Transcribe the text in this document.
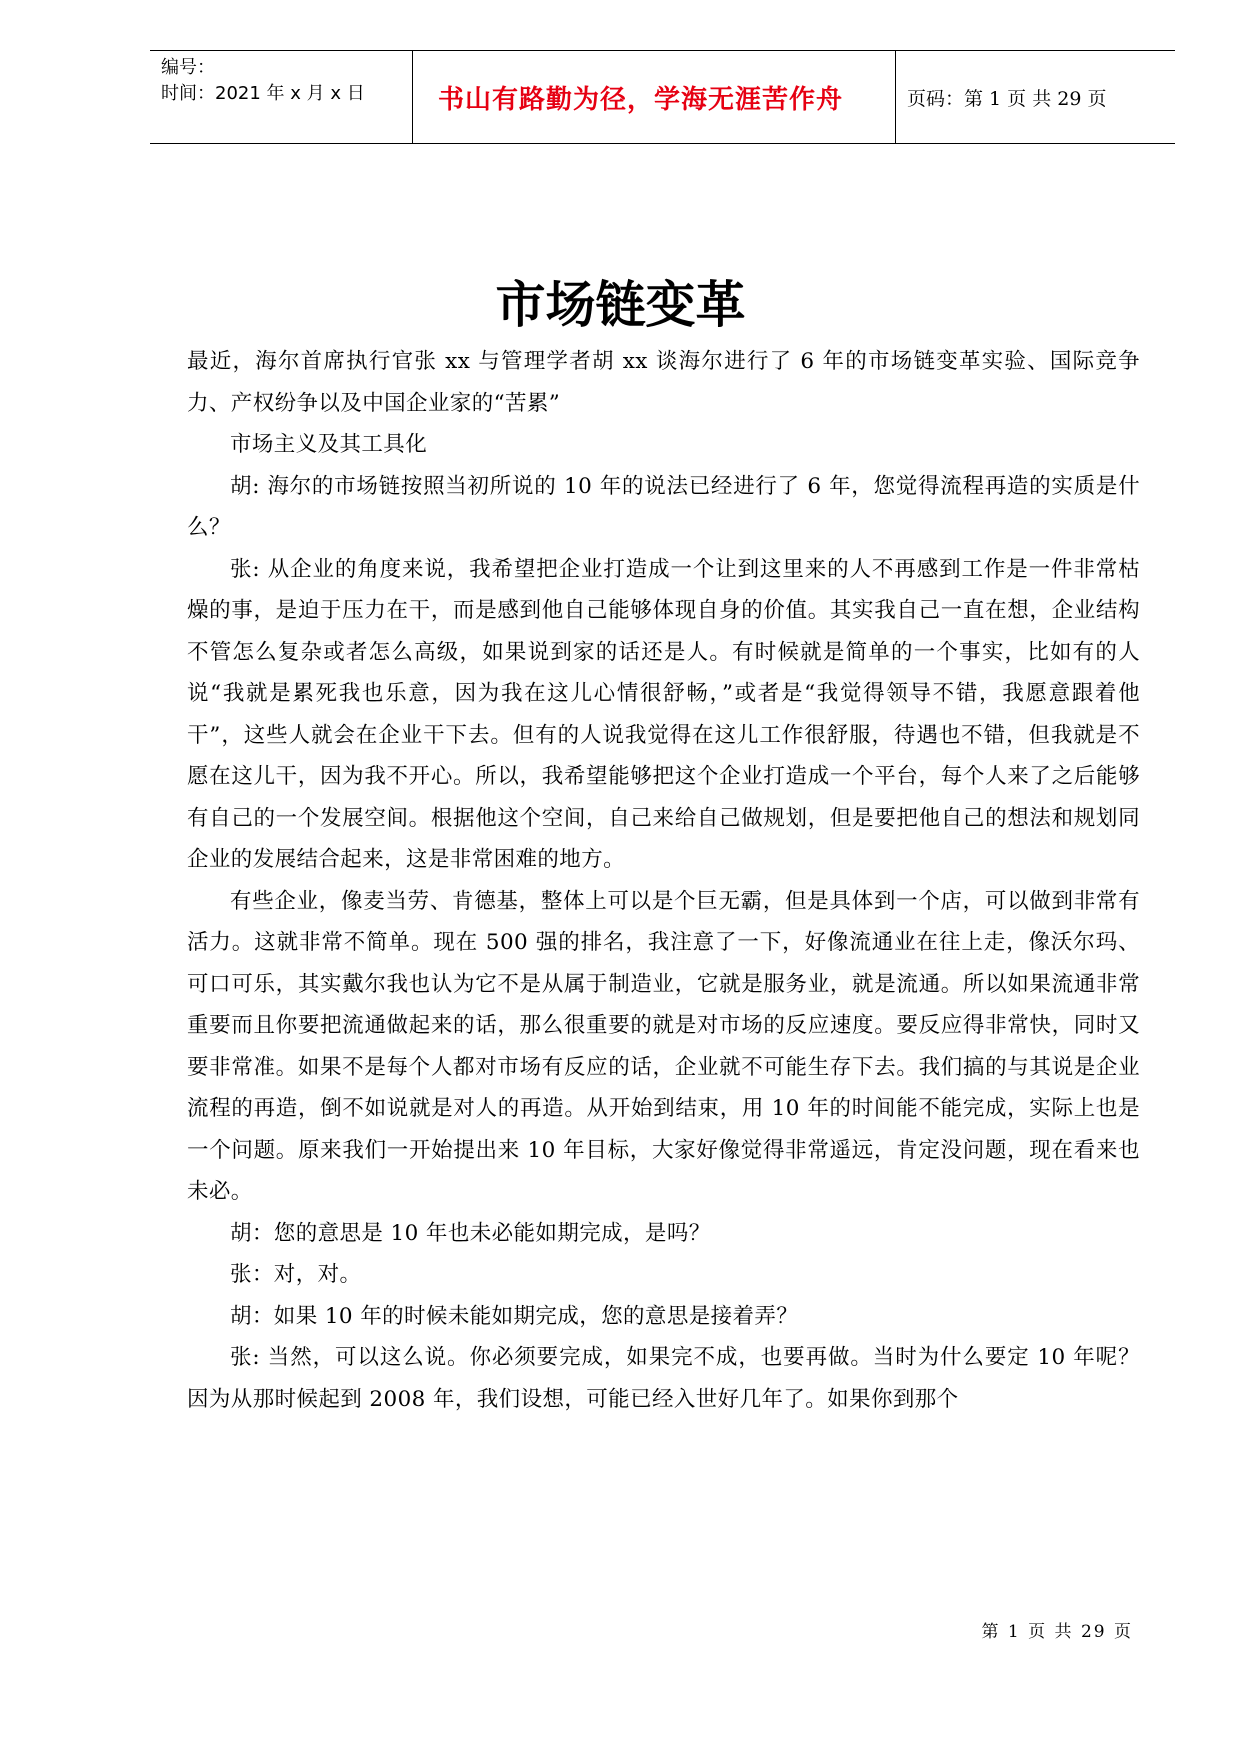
编号：
时间：2021 年 x 月 x 日	书山有路勤为径，学海无涯苦作舟	页码：第 1 页 共 29 页
市场链变革

最近，海尔首席执行官张 xx 与管理学者胡 xx 谈海尔进行了 6 年的市场链变革实验、国际竞争力、产权纷争以及中国企业家的“苦累”

市场主义及其工具化

胡: 海尔的市场链按照当初所说的 10 年的说法已经进行了 6 年，您觉得流程再造的实质是什么？

张: 从企业的角度来说，我希望把企业打造成一个让到这里来的人不再感到工作是一件非常枯燥的事，是迫于压力在干，而是感到他自己能够体现自身的价值。其实我自己一直在想，企业结构不管怎么复杂或者怎么高级，如果说到家的话还是人。有时候就是简单的一个事实，比如有的人说“我就是累死我也乐意，因为我在这儿心情很舒畅，”或者是“我觉得领导不错，我愿意跟着他干”，这些人就会在企业干下去。但有的人说我觉得在这儿工作很舒服，待遇也不错，但我就是不愿在这儿干，因为我不开心。所以，我希望能够把这个企业打造成一个平台，每个人来了之后能够有自己的一个发展空间。根据他这个空间，自己来给自己做规划，但是要把他自己的想法和规划同企业的发展结合起来，这是非常困难的地方。

有些企业，像麦当劳、肯德基，整体上可以是个巨无霸，但是具体到一个店，可以做到非常有活力。这就非常不简单。现在 500 强的排名，我注意了一下，好像流通业在往上走，像沃尔玛、可口可乐，其实戴尔我也认为它不是从属于制造业，它就是服务业，就是流通。所以如果流通非常重要而且你要把流通做起来的话，那么很重要的就是对市场的反应速度。要反应得非常快，同时又要非常准。如果不是每个人都对市场有反应的话，企业就不可能生存下去。我们搞的与其说是企业流程的再造，倒不如说就是对人的再造。从开始到结束，用 10 年的时间能不能完成，实际上也是一个问题。原来我们一开始提出来 10 年目标，大家好像觉得非常遥远，肯定没问题，现在看来也未必。

胡：您的意思是 10 年也未必能如期完成，是吗？

张：对，对。

胡：如果 10 年的时候未能如期完成，您的意思是接着弄？

张: 当然，可以这么说。你必须要完成，如果完不成，也要再做。当时为什么要定 10 年呢？因为从那时候起到 2008 年，我们设想，可能已经入世好几年了。如果你到那个

第 1 页 共 29 页
